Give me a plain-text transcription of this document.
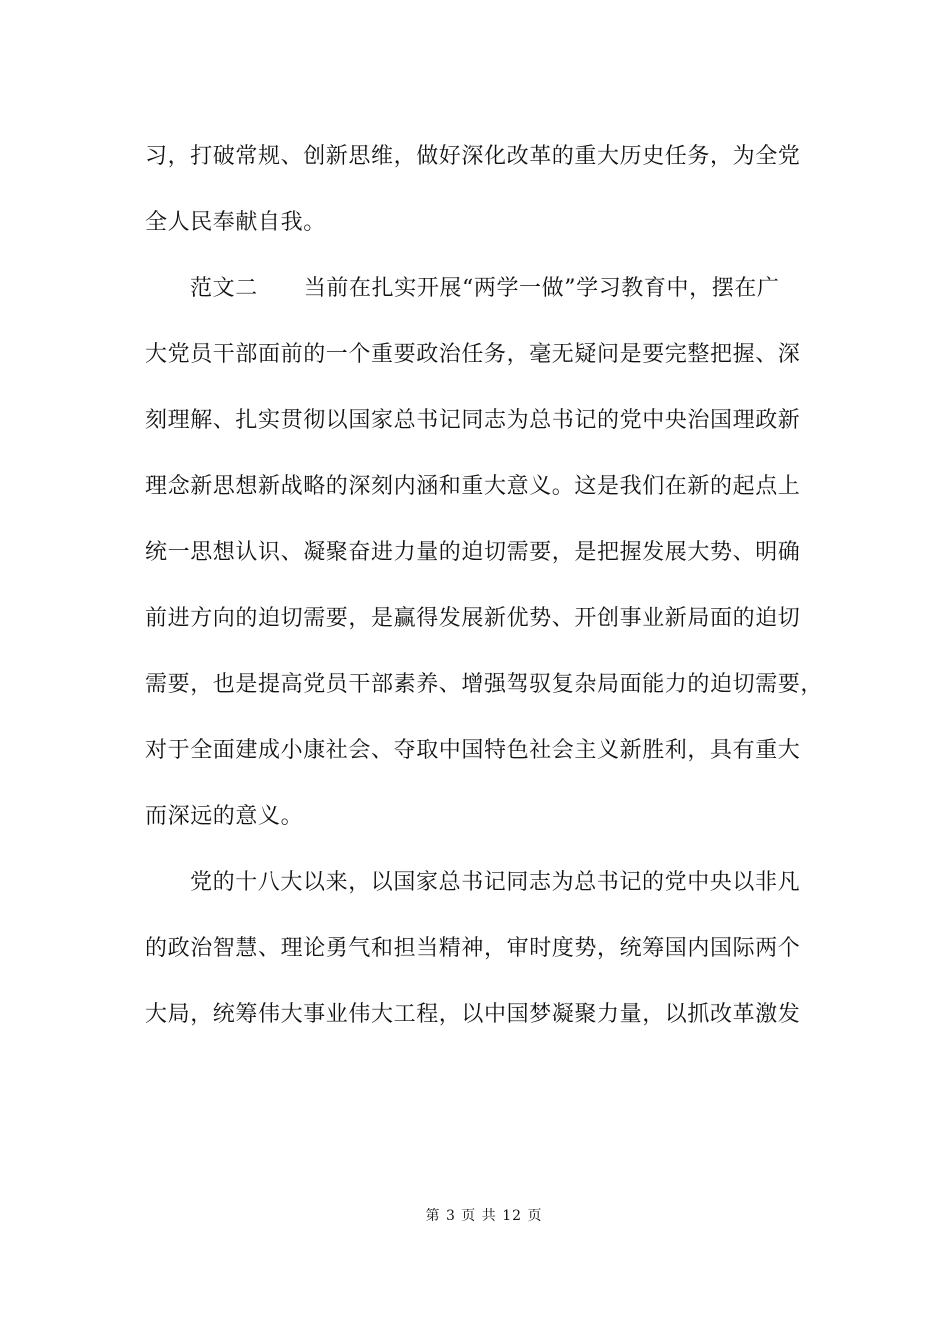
习，打破常规、创新思维，做好深化改革的重大历史任务，为全党
全人民奉献自我。
范文二 当前在扎实开展“两学一做”学习教育中，摆在广
大党员干部面前的一个重要政治任务，毫无疑问是要完整把握、深
刻理解、扎实贯彻以国家总书记同志为总书记的党中央治国理政新
理念新思想新战略的深刻内涵和重大意义。这是我们在新的起点上
统一思想认识、凝聚奋进力量的迫切需要，是把握发展大势、明确
前进方向的迫切需要，是赢得发展新优势、开创事业新局面的迫切
需要，也是提高党员干部素养、增强驾驭复杂局面能力的迫切需要，
对于全面建成小康社会、夺取中国特色社会主义新胜利，具有重大
而深远的意义。
党的十八大以来，以国家总书记同志为总书记的党中央以非凡
的政治智慧、理论勇气和担当精神，审时度势，统筹国内国际两个
大局，统筹伟大事业伟大工程，以中国梦凝聚力量，以抓改革激发
第 3 页 共 12 页
